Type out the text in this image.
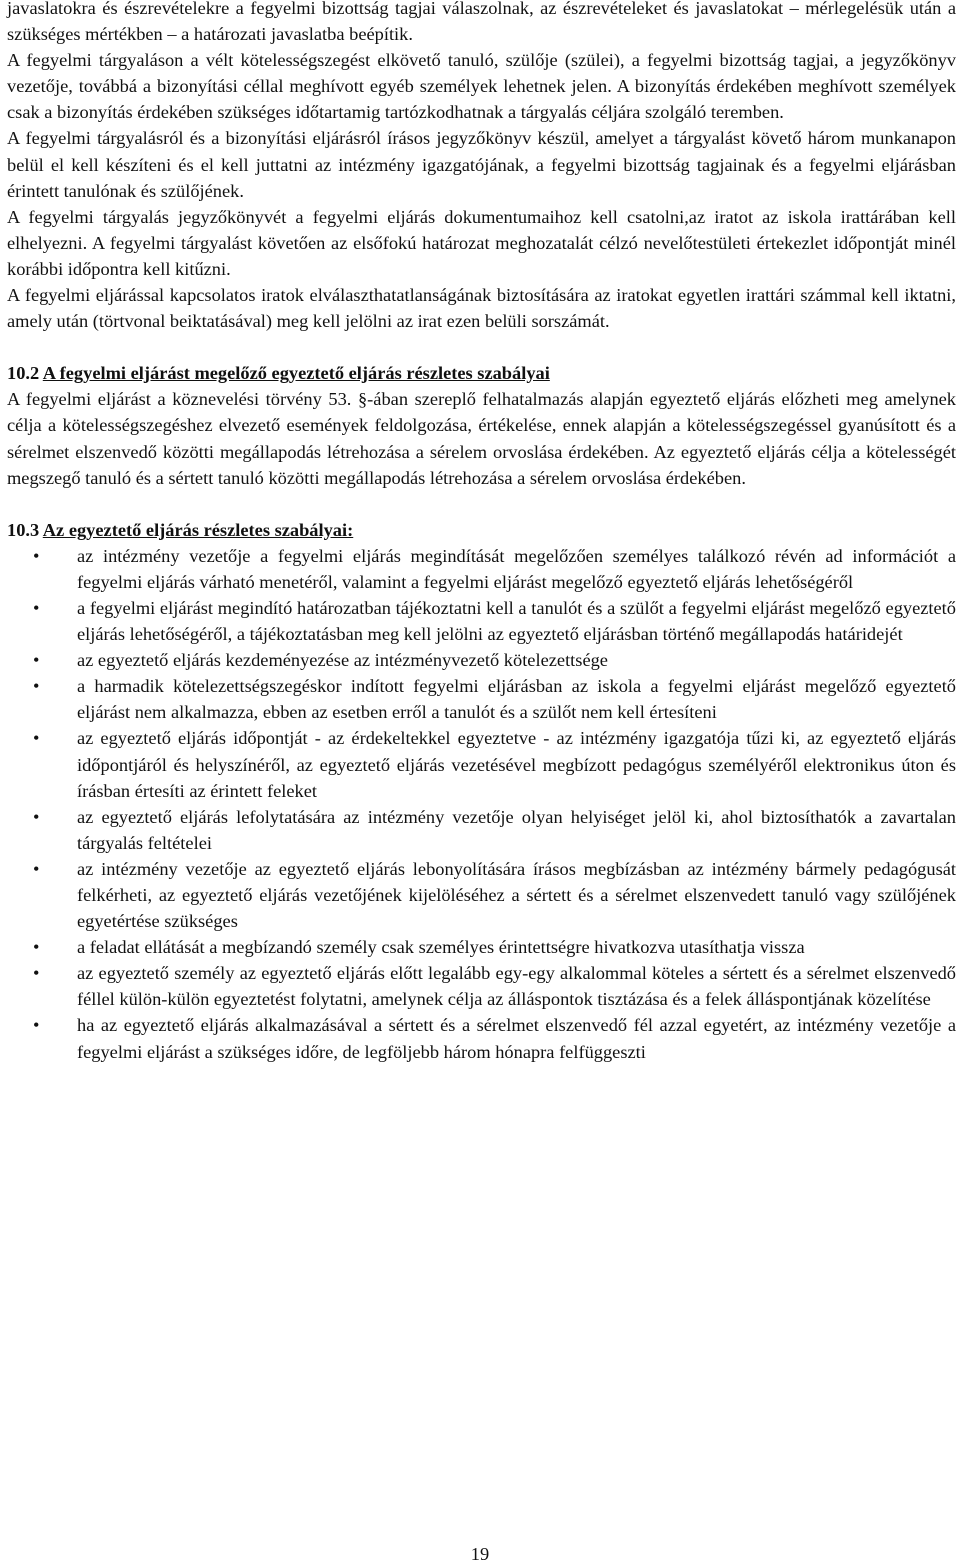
javaslatokra és észrevételekre a fegyelmi bizottság tagjai válaszolnak, az észrevételeket és javaslatokat – mérlegelésük után a szükséges mértékben – a határozati javaslatba beépítik.

A fegyelmi tárgyaláson a vélt kötelességszegést elkövető tanuló, szülője (szülei), a fegyelmi bizottság tagjai, a jegyzőkönyv vezetője, továbbá a bizonyítási céllal meghívott egyéb személyek lehetnek jelen. A bizonyítás érdekében meghívott személyek csak a bizonyítás érdekében szükséges időtartamig tartózkodhatnak a tárgyalás céljára szolgáló teremben.

A fegyelmi tárgyalásról és a bizonyítási eljárásról írásos jegyzőkönyv készül, amelyet a tárgyalást követő három munkanapon belül el kell készíteni és el kell juttatni az intézmény igazgatójának, a fegyelmi bizottság tagjainak és a fegyelmi eljárásban érintett tanulónak és szülőjének.

A fegyelmi tárgyalás jegyzőkönyvét a fegyelmi eljárás dokumentumaihoz kell csatolni,az iratot az iskola irattárában kell elhelyezni. A fegyelmi tárgyalást követően az elsőfokú határozat meghozatalát célzó nevelőtestületi értekezlet időpontját minél korábbi időpontra kell kitűzni.

A fegyelmi eljárással kapcsolatos iratok elválaszthatatlanságának biztosítására az iratokat egyetlen irattári számmal kell iktatni, amely után (törtvonal beiktatásával) meg kell jelölni az irat ezen belüli sorszámát.

10.2 A fegyelmi eljárást megelőző egyeztető eljárás részletes szabályai

A fegyelmi eljárást a köznevelési törvény 53. §-ában szereplő felhatalmazás alapján egyeztető eljárás előzheti meg amelynek célja a kötelességszegéshez elvezető események feldolgozása, értékelése, ennek alapján a kötelességszegéssel gyanúsított és a sérelmet elszenvedő közötti megállapodás létrehozása a sérelem orvoslása érdekében. Az egyeztető eljárás célja a kötelességét megszegő tanuló és a sértett tanuló közötti megállapodás létrehozása a sérelem orvoslása érdekében.

10.3 Az egyeztető eljárás részletes szabályai:
• az intézmény vezetője a fegyelmi eljárás megindítását megelőzően személyes találkozó révén ad információt a fegyelmi eljárás várható menetéről, valamint a fegyelmi eljárást megelőző egyeztető eljárás lehetőségéről
• a fegyelmi eljárást megindító határozatban tájékoztatni kell a tanulót és a szülőt a fegyelmi eljárást megelőző egyeztető eljárás lehetőségéről, a tájékoztatásban meg kell jelölni az egyeztető eljárásban történő megállapodás határidejét
• az egyeztető eljárás kezdeményezése az intézményvezető kötelezettsége
• a harmadik kötelezettségszegéskor indított fegyelmi eljárásban az iskola a fegyelmi eljárást megelőző egyeztető eljárást nem alkalmazza, ebben az esetben erről a tanulót és a szülőt nem kell értesíteni
• az egyeztető eljárás időpontját - az érdekeltekkel egyeztetve - az intézmény igazgatója tűzi ki, az egyeztető eljárás időpontjáról és helyszínéről, az egyeztető eljárás vezetésével megbízott pedagógus személyéről elektronikus úton és írásban értesíti az érintett feleket
• az egyeztető eljárás lefolytatására az intézmény vezetője olyan helyiséget jelöl ki, ahol biztosíthatók a zavartalan tárgyalás feltételei
• az intézmény vezetője az egyeztető eljárás lebonyolítására írásos megbízásban az intézmény bármely pedagógusát felkérheti, az egyeztető eljárás vezetőjének kijelöléséhez a sértett és a sérelmet elszenvedett tanuló vagy szülőjének egyetértése szükséges
• a feladat ellátását a megbízandó személy csak személyes érintettségre hivatkozva utasíthatja vissza
• az egyeztető személy az egyeztető eljárás előtt legalább egy-egy alkalommal köteles a sértett és a sérelmet elszenvedő féllel külön-külön egyeztetést folytatni, amelynek célja az álláspontok tisztázása és a felek álláspontjának közelítése
• ha az egyeztető eljárás alkalmazásával a sértett és a sérelmet elszenvedő fél azzal egyetért, az intézmény vezetője a fegyelmi eljárást a szükséges időre, de legföljebb három hónapra felfüggeszti
19
